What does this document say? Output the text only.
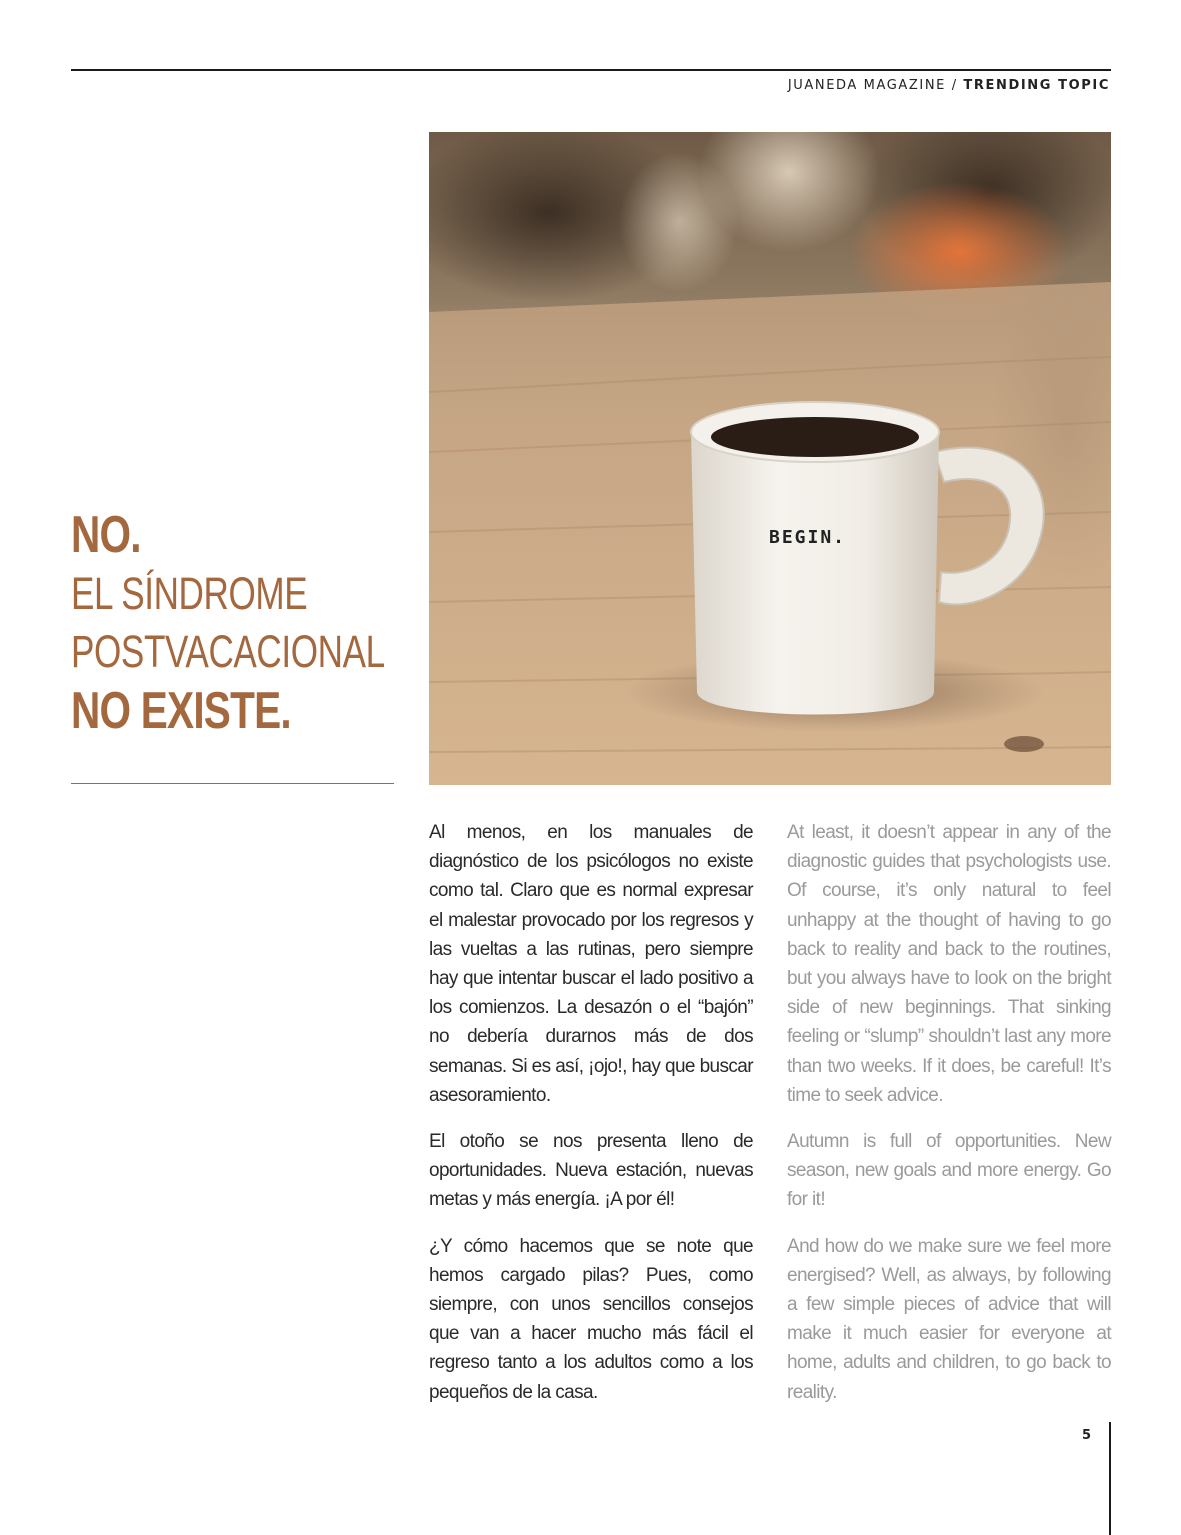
JUANEDA MAGAZINE / TRENDING TOPIC
BEGIN.
NO.
EL SÍNDROME
POSTVACACIONAL
NO EXISTE.

Al menos, en los manuales de diagnóstico de los psicólogos no existe como tal. Claro que es normal expresar el malestar provocado por los regresos y las vueltas a las rutinas, pero siempre hay que intentar buscar el lado positivo a los comienzos. La desazón o el “bajón” no debería durarnos más de dos semanas. Si es así, ¡ojo!, hay que buscar asesoramiento.

El otoño se nos presenta lleno de oportunidades. Nueva estación, nuevas metas y más energía. ¡A por él!

¿Y cómo hacemos que se note que hemos cargado pilas? Pues, como siempre, con unos sencillos consejos que van a hacer mucho más fácil el regreso tanto a los adultos como a los pequeños de la casa.

At least, it doesn’t appear in any of the diagnostic guides that psychologists use. Of course, it’s only natural to feel unhappy at the thought of having to go back to reality and back to the routines, but you always have to look on the bright side of new beginnings. That sinking feeling or “slump” shouldn’t last any more than two weeks. If it does, be careful! It’s time to seek advice.

Autumn is full of opportunities. New season, new goals and more energy. Go for it!

And how do we make sure we feel more energised? Well, as always, by following a few simple pieces of advice that will make it much easier for everyone at home, adults and children, to go back to reality.

5
